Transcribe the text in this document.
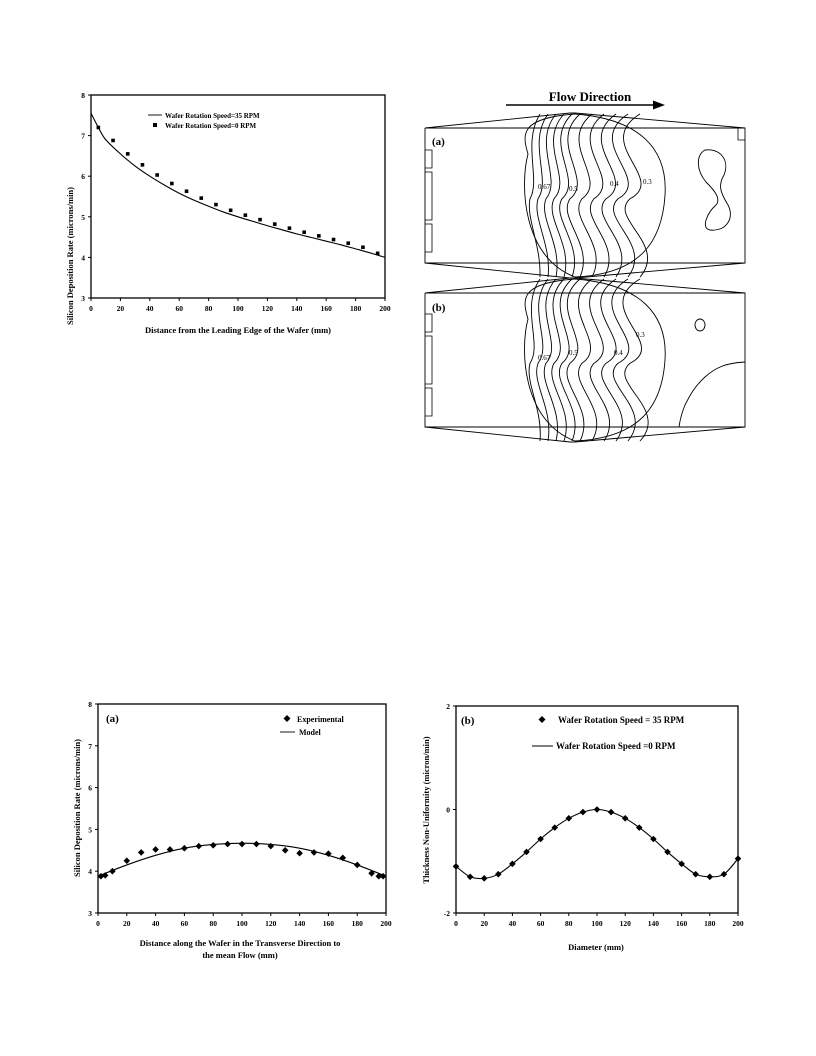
0	20	40	60	80	100 120 140 160 180 200
3
4
5
6
7
8
Silicon Deposition Rate (microns/min)
Distance from the Leading Edge of the Wafer (mm)
Wafer Rotation Speed=35 RPM
Wafer Rotation Speed=0 RPM
Flow Direction
(a)
0.67	0.5
0.4	0.3
(b)
0.67
0.5	0.4
0.3
0	20	40	60	80	100 120 140 160 180 200
3
4
5
6
7
8
(a)
Silicon Deposition Rate (microns/min)
Distance along the Wafer in the Transverse Direction to
the mean Flow (mm)
Experimental
Model
0	20	40	60	80	100 120 140 160 180 200
-2
0
2
(b)
Thickness Non-Uniformity (micron/min)
Diameter (mm)
Wafer Rotation Speed = 35 RPM
Wafer Rotation Speed =0 RPM
